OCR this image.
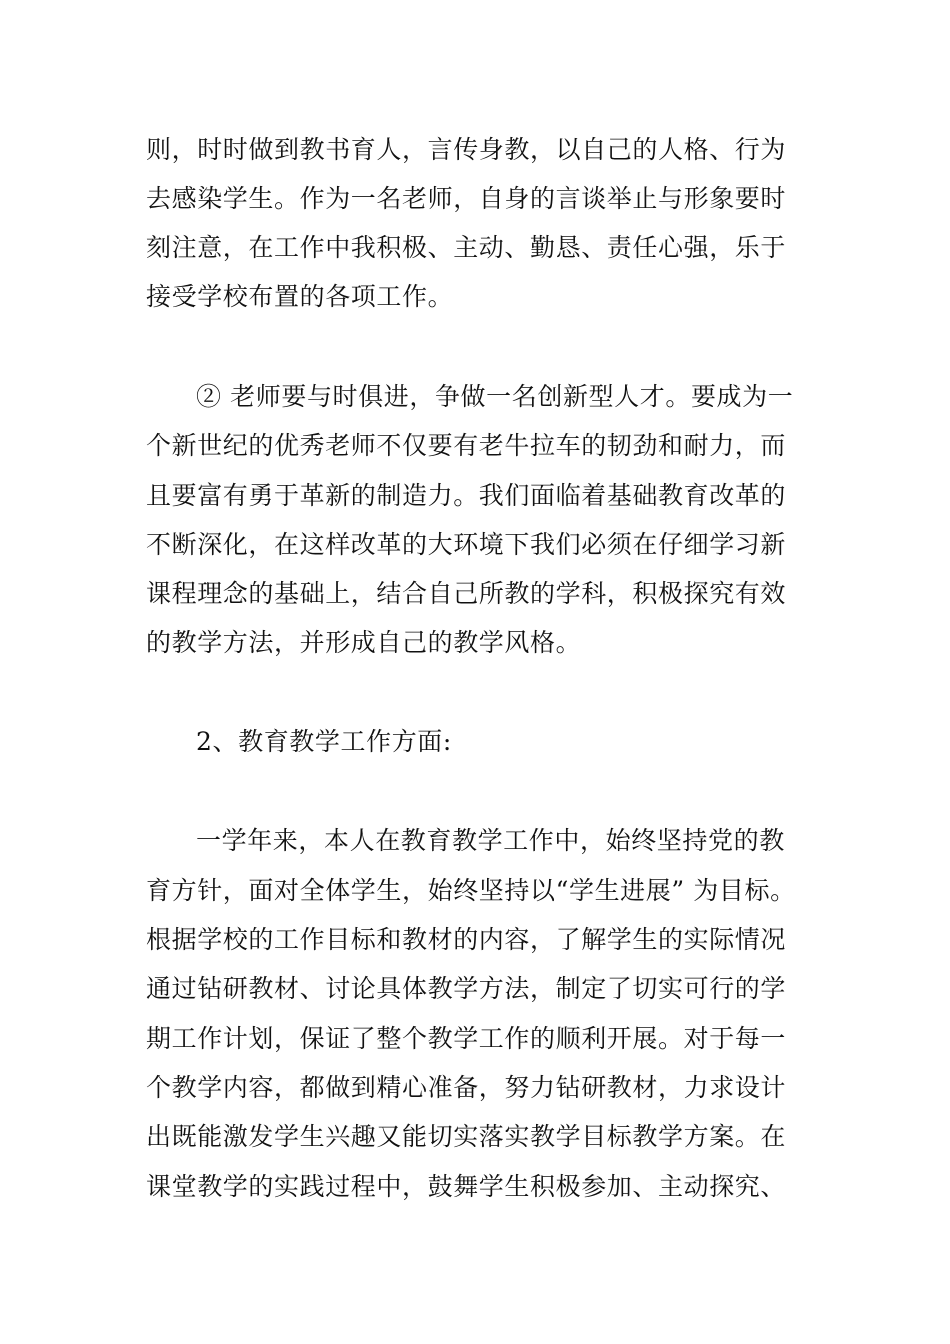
则，时时做到教书育人，言传身教，以自己的人格、行为
去感染学生。作为一名老师，自身的言谈举止与形象要时
刻注意，在工作中我积极、主动、勤恳、责任心强，乐于
接受学校布置的各项工作。
② 老师要与时俱进，争做一名创新型人才。要成为一
个新世纪的优秀老师不仅要有老牛拉车的韧劲和耐力，而
且要富有勇于革新的制造力。我们面临着基础教育改革的
不断深化，在这样改革的大环境下我们必须在仔细学习新
课程理念的基础上，结合自己所教的学科，积极探究有效
的教学方法，并形成自己的教学风格。
2、教育教学工作方面:
一学年来，本人在教育教学工作中，始终坚持党的教
育方针，面对全体学生，始终坚持以“学生进展” 为目标。
根据学校的工作目标和教材的内容，了解学生的实际情况
通过钻研教材、讨论具体教学方法，制定了切实可行的学
期工作计划，保证了整个教学工作的顺利开展。对于每一
个教学内容，都做到精心准备，努力钻研教材，力求设计
出既能激发学生兴趣又能切实落实教学目标教学方案。在
课堂教学的实践过程中，鼓舞学生积极参加、主动探究、
